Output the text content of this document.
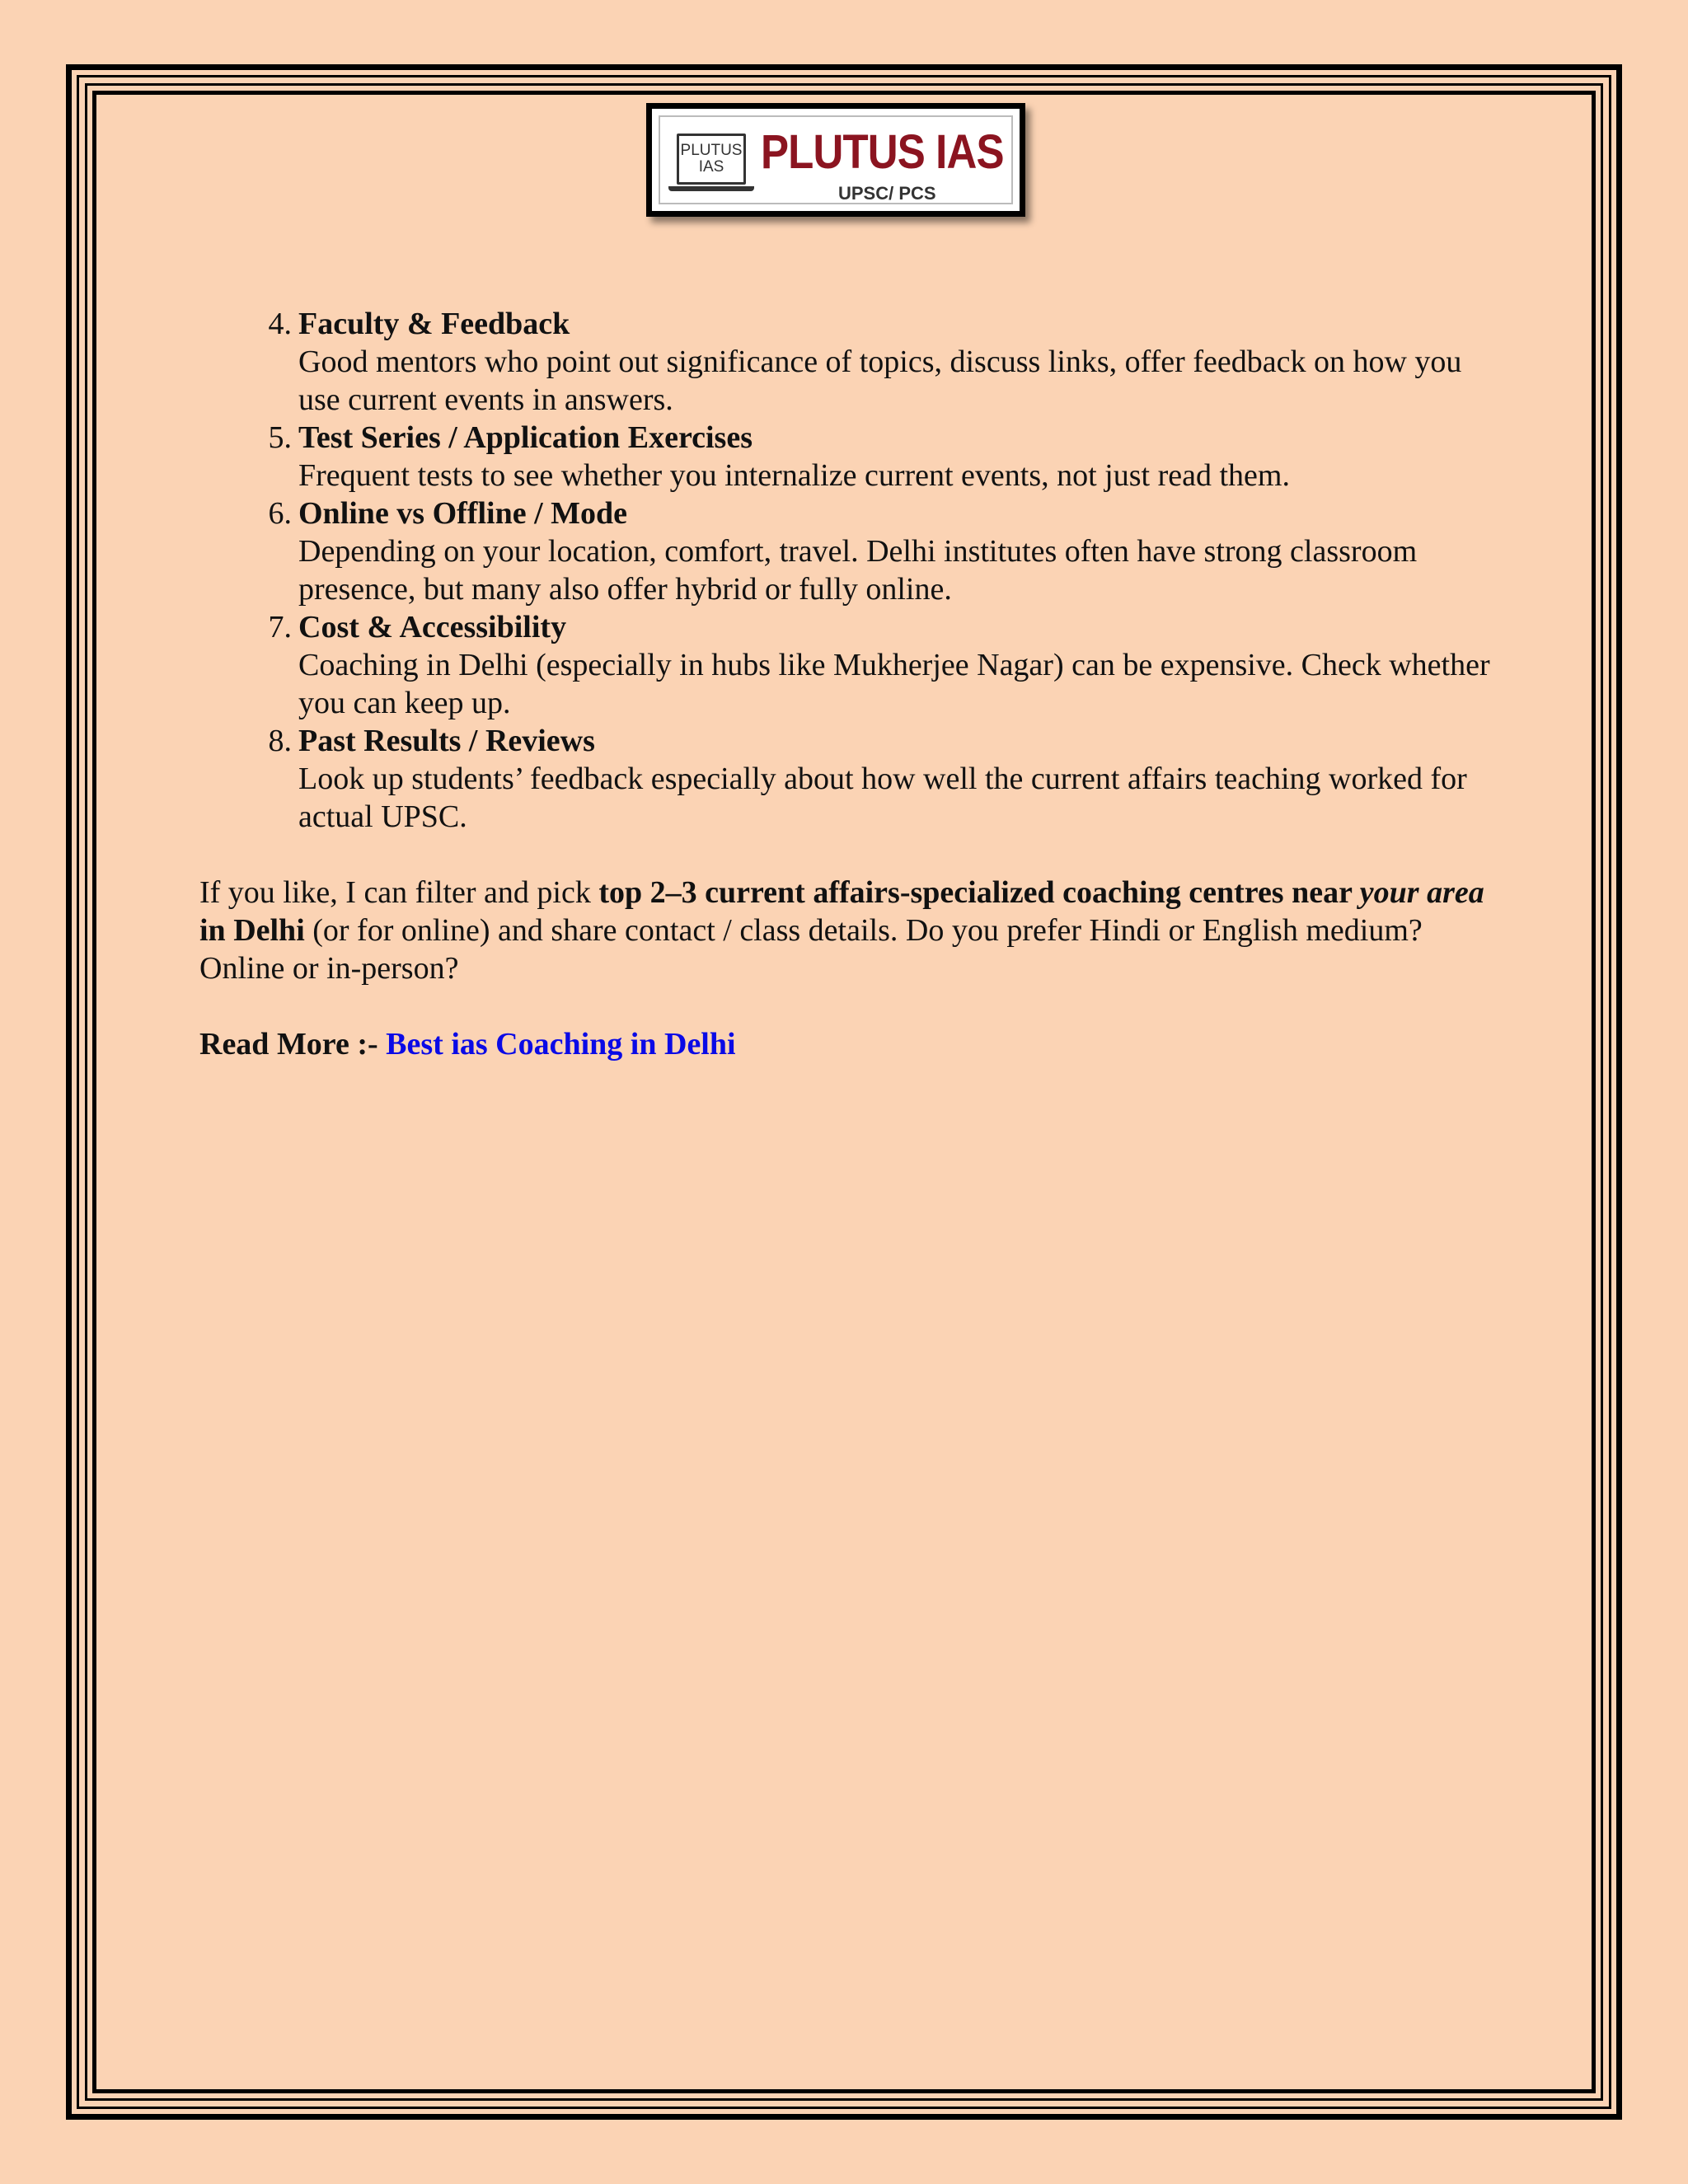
PLUTUS
IAS PLUTUS IAS
UPSC/ PCS
4. Faculty & Feedback
Good mentors who point out significance of topics, discuss links, offer feedback on how you use current events in answers.
5. Test Series / Application Exercises
Frequent tests to see whether you internalize current events, not just read them.
6. Online vs Offline / Mode
Depending on your location, comfort, travel. Delhi institutes often have strong classroom presence, but many also offer hybrid or fully online.
7. Cost & Accessibility
Coaching in Delhi (especially in hubs like Mukherjee Nagar) can be expensive. Check whether you can keep up.
8. Past Results / Reviews
Look up students’ feedback especially about how well the current affairs teaching worked for actual UPSC.

If you like, I can filter and pick top 2–3 current affairs-specialized coaching centres near your area in Delhi (or for online) and share contact / class details. Do you prefer Hindi or English medium? Online or in-person?

Read More :- Best ias Coaching in Delhi
